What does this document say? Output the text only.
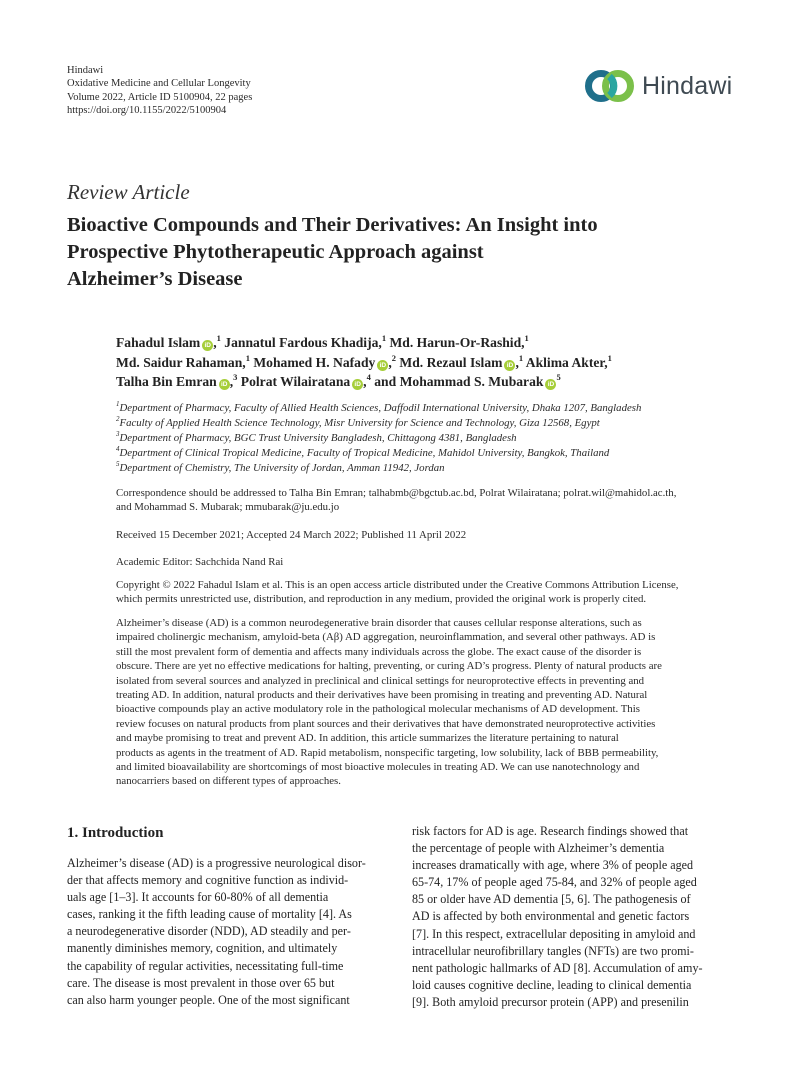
Hindawi
Oxidative Medicine and Cellular Longevity
Volume 2022, Article ID 5100904, 22 pages
https://doi.org/10.1155/2022/5100904
Hindawi
Review Article
Bioactive Compounds and Their Derivatives: An Insight into
Prospective Phytotherapeutic Approach against
Alzheimer’s Disease
Fahadul Islam iD ,$^1$ Jannatul Fardous Khadija,$^1$ Md. Harun-Or-Rashid,$^1$
Md. Saidur Rahaman,$^1$ Mohamed H. Nafady iD ,$^2$ Md. Rezaul Islam iD ,$^1$ Aklima Akter,$^1$
Talha Bin Emran iD ,$^3$ Polrat Wilairatana iD ,$^4$ and Mohammad S. Mubarak $iD^5$
$^1$Department of Pharmacy, Faculty of Allied Health Sciences, Daffodil International University, Dhaka 1207, Bangladesh
$^2$Faculty of Applied Health Science Technology, Misr University for Science and Technology, Giza 12568, Egypt
$^3$Department of Pharmacy, BGC Trust University Bangladesh, Chittagong 4381, Bangladesh
$^4$Department of Clinical Tropical Medicine, Faculty of Tropical Medicine, Mahidol University, Bangkok, Thailand
$^5$Department of Chemistry, The University of Jordan, Amman 11942, Jordan
Correspondence should be addressed to Talha Bin Emran; talhabmb@bgctub.ac.bd, Polrat Wilairatana; polrat.wil@mahidol.ac.th,
and Mohammad S. Mubarak; mmubarak@ju.edu.jo
Received 15 December 2021; Accepted 24 March 2022; Published 11 April 2022
Academic Editor: Sachchida Nand Rai
Copyright © 2022 Fahadul Islam et al. This is an open access article distributed under the Creative Commons Attribution License,
which permits unrestricted use, distribution, and reproduction in any medium, provided the original work is properly cited.
Alzheimer’s disease (AD) is a common neurodegenerative brain disorder that causes cellular response alterations, such as
impaired cholinergic mechanism, amyloid-beta (Aβ) AD aggregation, neuroinflammation, and several other pathways. AD is
still the most prevalent form of dementia and affects many individuals across the globe. The exact cause of the disorder is
obscure. There are yet no effective medications for halting, preventing, or curing AD’s progress. Plenty of natural products are
isolated from several sources and analyzed in preclinical and clinical settings for neuroprotective effects in preventing and
treating AD. In addition, natural products and their derivatives have been promising in treating and preventing AD. Natural
bioactive compounds play an active modulatory role in the pathological molecular mechanisms of AD development. This
review focuses on natural products from plant sources and their derivatives that have demonstrated neuroprotective activities
and maybe promising to treat and prevent AD. In addition, this article summarizes the literature pertaining to natural
products as agents in the treatment of AD. Rapid metabolism, nonspecific targeting, low solubility, lack of BBB permeability,
and limited bioavailability are shortcomings of most bioactive molecules in treating AD. We can use nanotechnology and
nanocarriers based on different types of approaches.
1. Introduction
Alzheimer’s disease (AD) is a progressive neurological disor-
der that affects memory and cognitive function as individ-
uals age [1–3]. It accounts for 60-80% of all dementia
cases, ranking it the fifth leading cause of mortality [4]. As
a neurodegenerative disorder (NDD), AD steadily and per-
manently diminishes memory, cognition, and ultimately
the capability of regular activities, necessitating full-time
care. The disease is most prevalent in those over 65 but
can also harm younger people. One of the most significant
risk factors for AD is age. Research findings showed that
the percentage of people with Alzheimer’s dementia
increases dramatically with age, where 3% of people aged
65-74, 17% of people aged 75-84, and 32% of people aged
85 or older have AD dementia [5, 6]. The pathogenesis of
AD is affected by both environmental and genetic factors
[7]. In this respect, extracellular depositing in amyloid and
intracellular neurofibrillary tangles (NFTs) are two promi-
nent pathologic hallmarks of AD [8]. Accumulation of amy-
loid causes cognitive decline, leading to clinical dementia
[9]. Both amyloid precursor protein (APP) and presenilin
